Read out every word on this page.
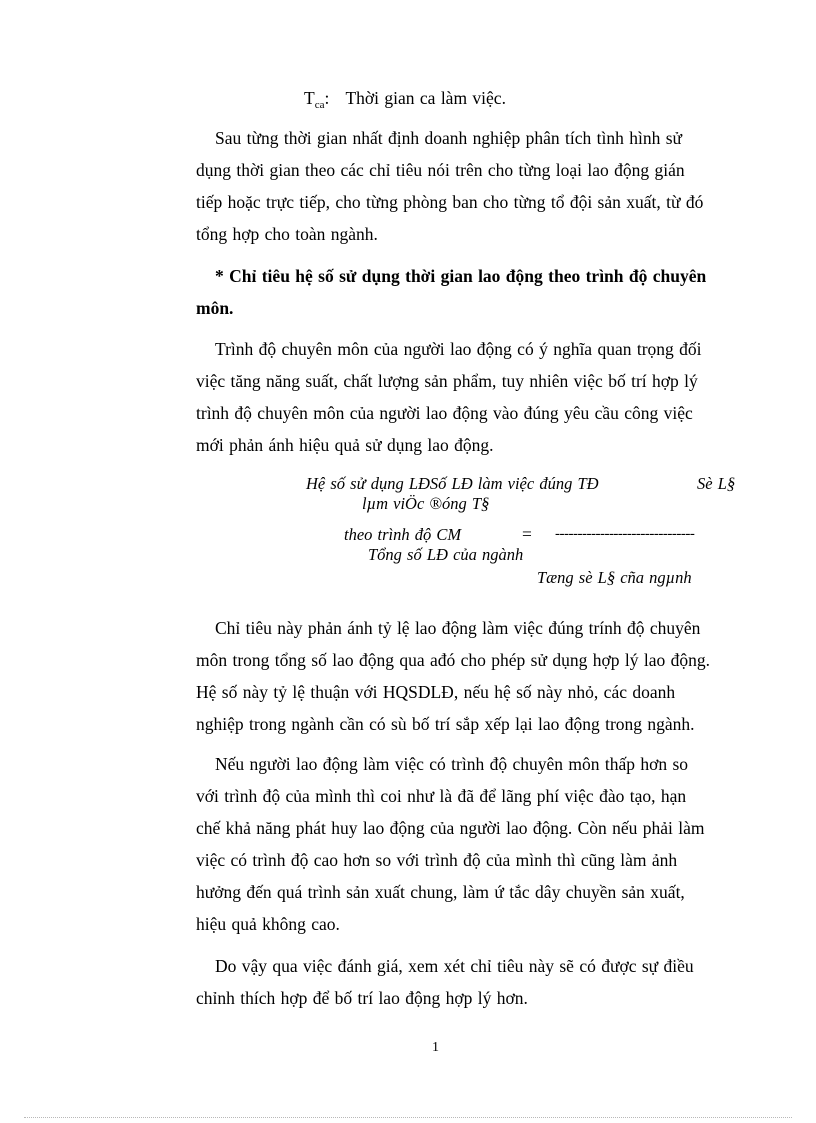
$T_{ca}$: Thời gian ca làm việc.
Sau từng thời gian nhất định doanh nghiệp phân tích tình hình sử
dụng thời gian theo các chỉ tiêu nói trên cho từng loại lao động gián
tiếp hoặc trực tiếp, cho từng phòng ban cho từng tổ đội sản xuất, từ đó
tổng hợp cho toàn ngành.
* Chỉ tiêu hệ số sử dụng thời gian lao động theo trình độ chuyên
môn.
Trình độ chuyên môn của người lao động có ý nghĩa quan trọng đối
việc tăng năng suất, chất lượng sản phẩm, tuy nhiên việc bố trí hợp lý
trình độ chuyên môn của người lao động vào đúng yêu cầu công việc
mới phản ánh hiệu quả sử dụng lao động.
Hệ số sử dụng LĐSố LĐ làm việc đúng TĐ	Sè L§
lµm viÖc ®óng T§
theo trình độ CM	=	-------------------------------
Tổng số LĐ của ngành
Tæng sè L§ cña ngµnh
Chỉ tiêu này phản ánh tỷ lệ lao động làm việc đúng trính độ chuyên
môn trong tổng số lao động qua ađó cho phép sử dụng hợp lý lao động.
Hệ số này tỷ lệ thuận với HQSDLĐ, nếu hệ số này nhỏ, các doanh
nghiệp trong ngành cần có sù bố trí sắp xếp lại lao động trong ngành.
Nếu người lao động làm việc có trình độ chuyên môn thấp hơn so
với trình độ của mình thì coi như là đã để lãng phí việc đào tạo, hạn
chế khả năng phát huy lao động của người lao động. Còn nếu phải làm
việc có trình độ cao hơn so với trình độ của mình thì cũng làm ảnh
hưởng đến quá trình sản xuất chung, làm ứ tắc dây chuyền sản xuất,
hiệu quả không cao.
Do vậy qua việc đánh giá, xem xét chỉ tiêu này sẽ có được sự điều
chỉnh thích hợp để bố trí lao động hợp lý hơn.
1
